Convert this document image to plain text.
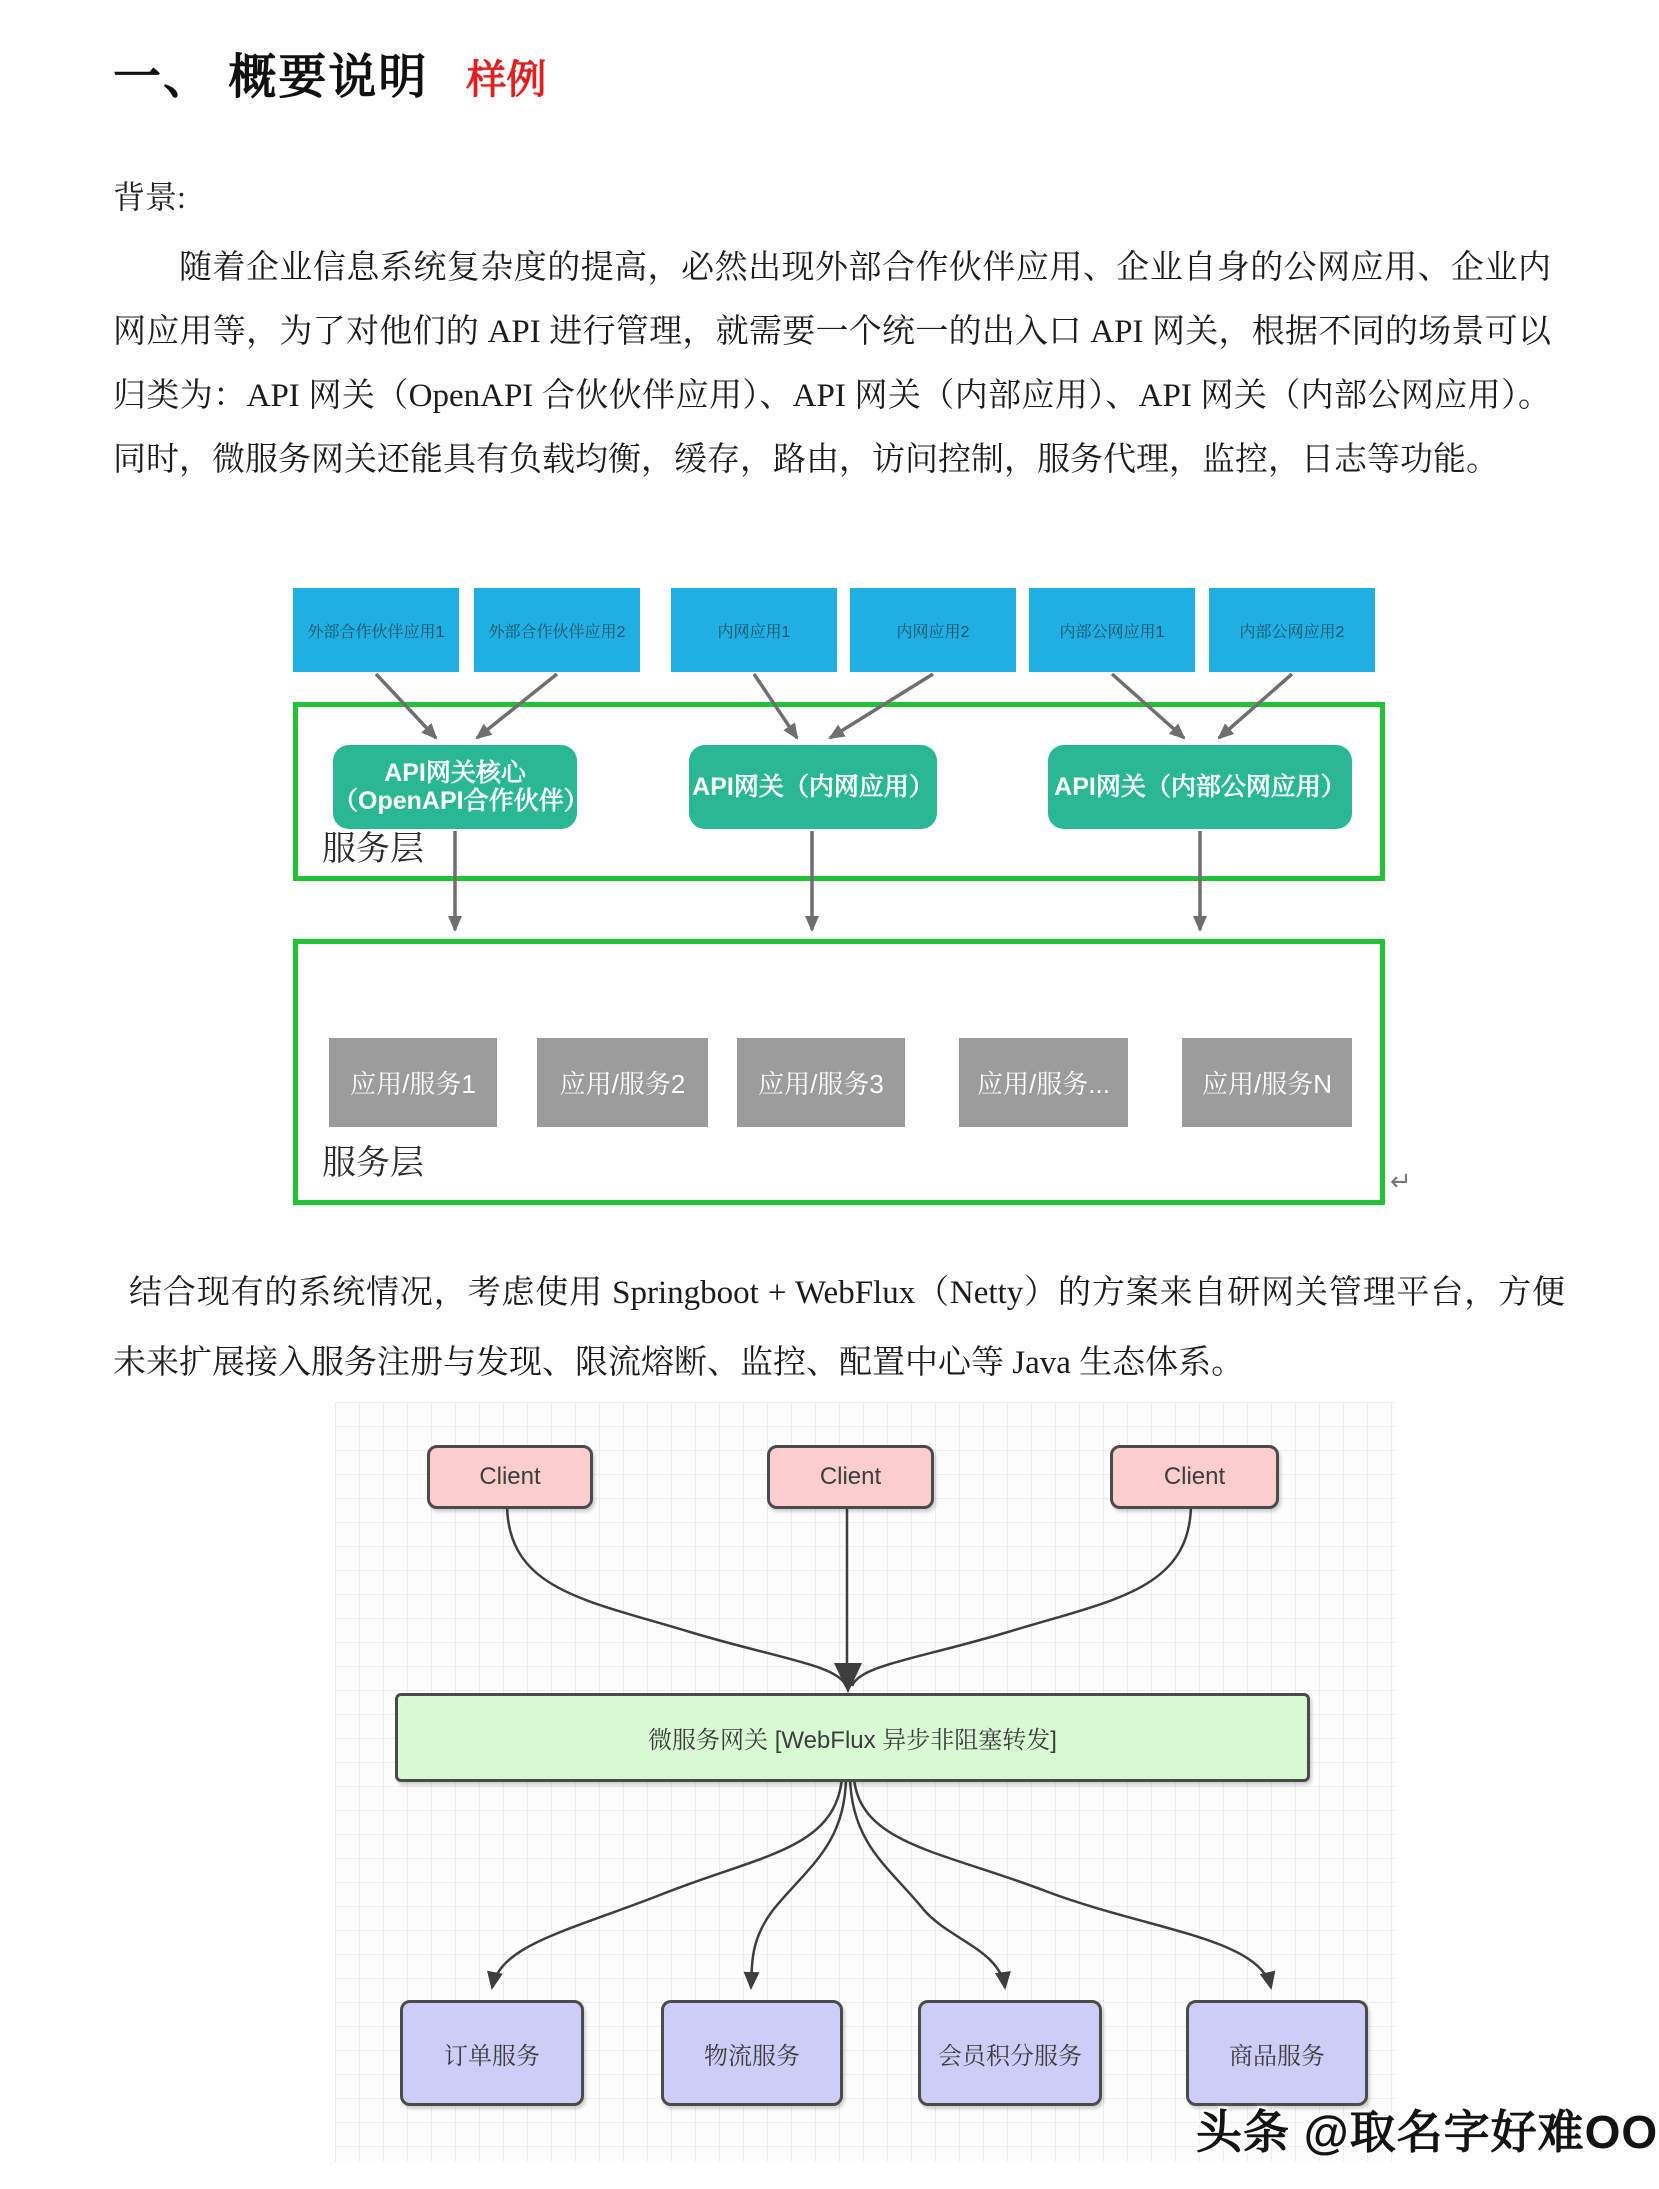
一、 概要说明 样例
背景:

随着企业信息系统复杂度的提高，必然出现外部合作伙伴应用、企业自身的公网应用、企业内网应用等，为了对他们的 API 进行管理，就需要一个统一的出入口 API 网关，根据不同的场景可以归类为：API 网关（OpenAPI 合伙伙伴应用）、API 网关（内部应用）、API 网关（内部公网应用）。同时，微服务网关还能具有负载均衡，缓存，路由，访问控制，服务代理，监控，日志等功能。

外部合作伙伴应用1	外部合作伙伴应用2	内网应用1	内网应用2	内部公网应用1	内部公网应用2
服务层
API网关核心（OpenAPI合作伙伴）	API网关（内网应用）	API网关（内部公网应用）
服务层
应用/服务1	应用/服务2	应用/服务3	应用/服务...	应用/服务N
↵

结合现有的系统情况，考虑使用 Springboot + WebFlux（Netty）的方案来自研网关管理平台，方便未来扩展接入服务注册与发现、限流熔断、监控、配置中心等 Java 生态体系。

Client	Client	Client
微服务网关 [WebFlux 异步非阻塞转发]
订单服务	物流服务	会员积分服务	商品服务
头条 @取名字好难OO
